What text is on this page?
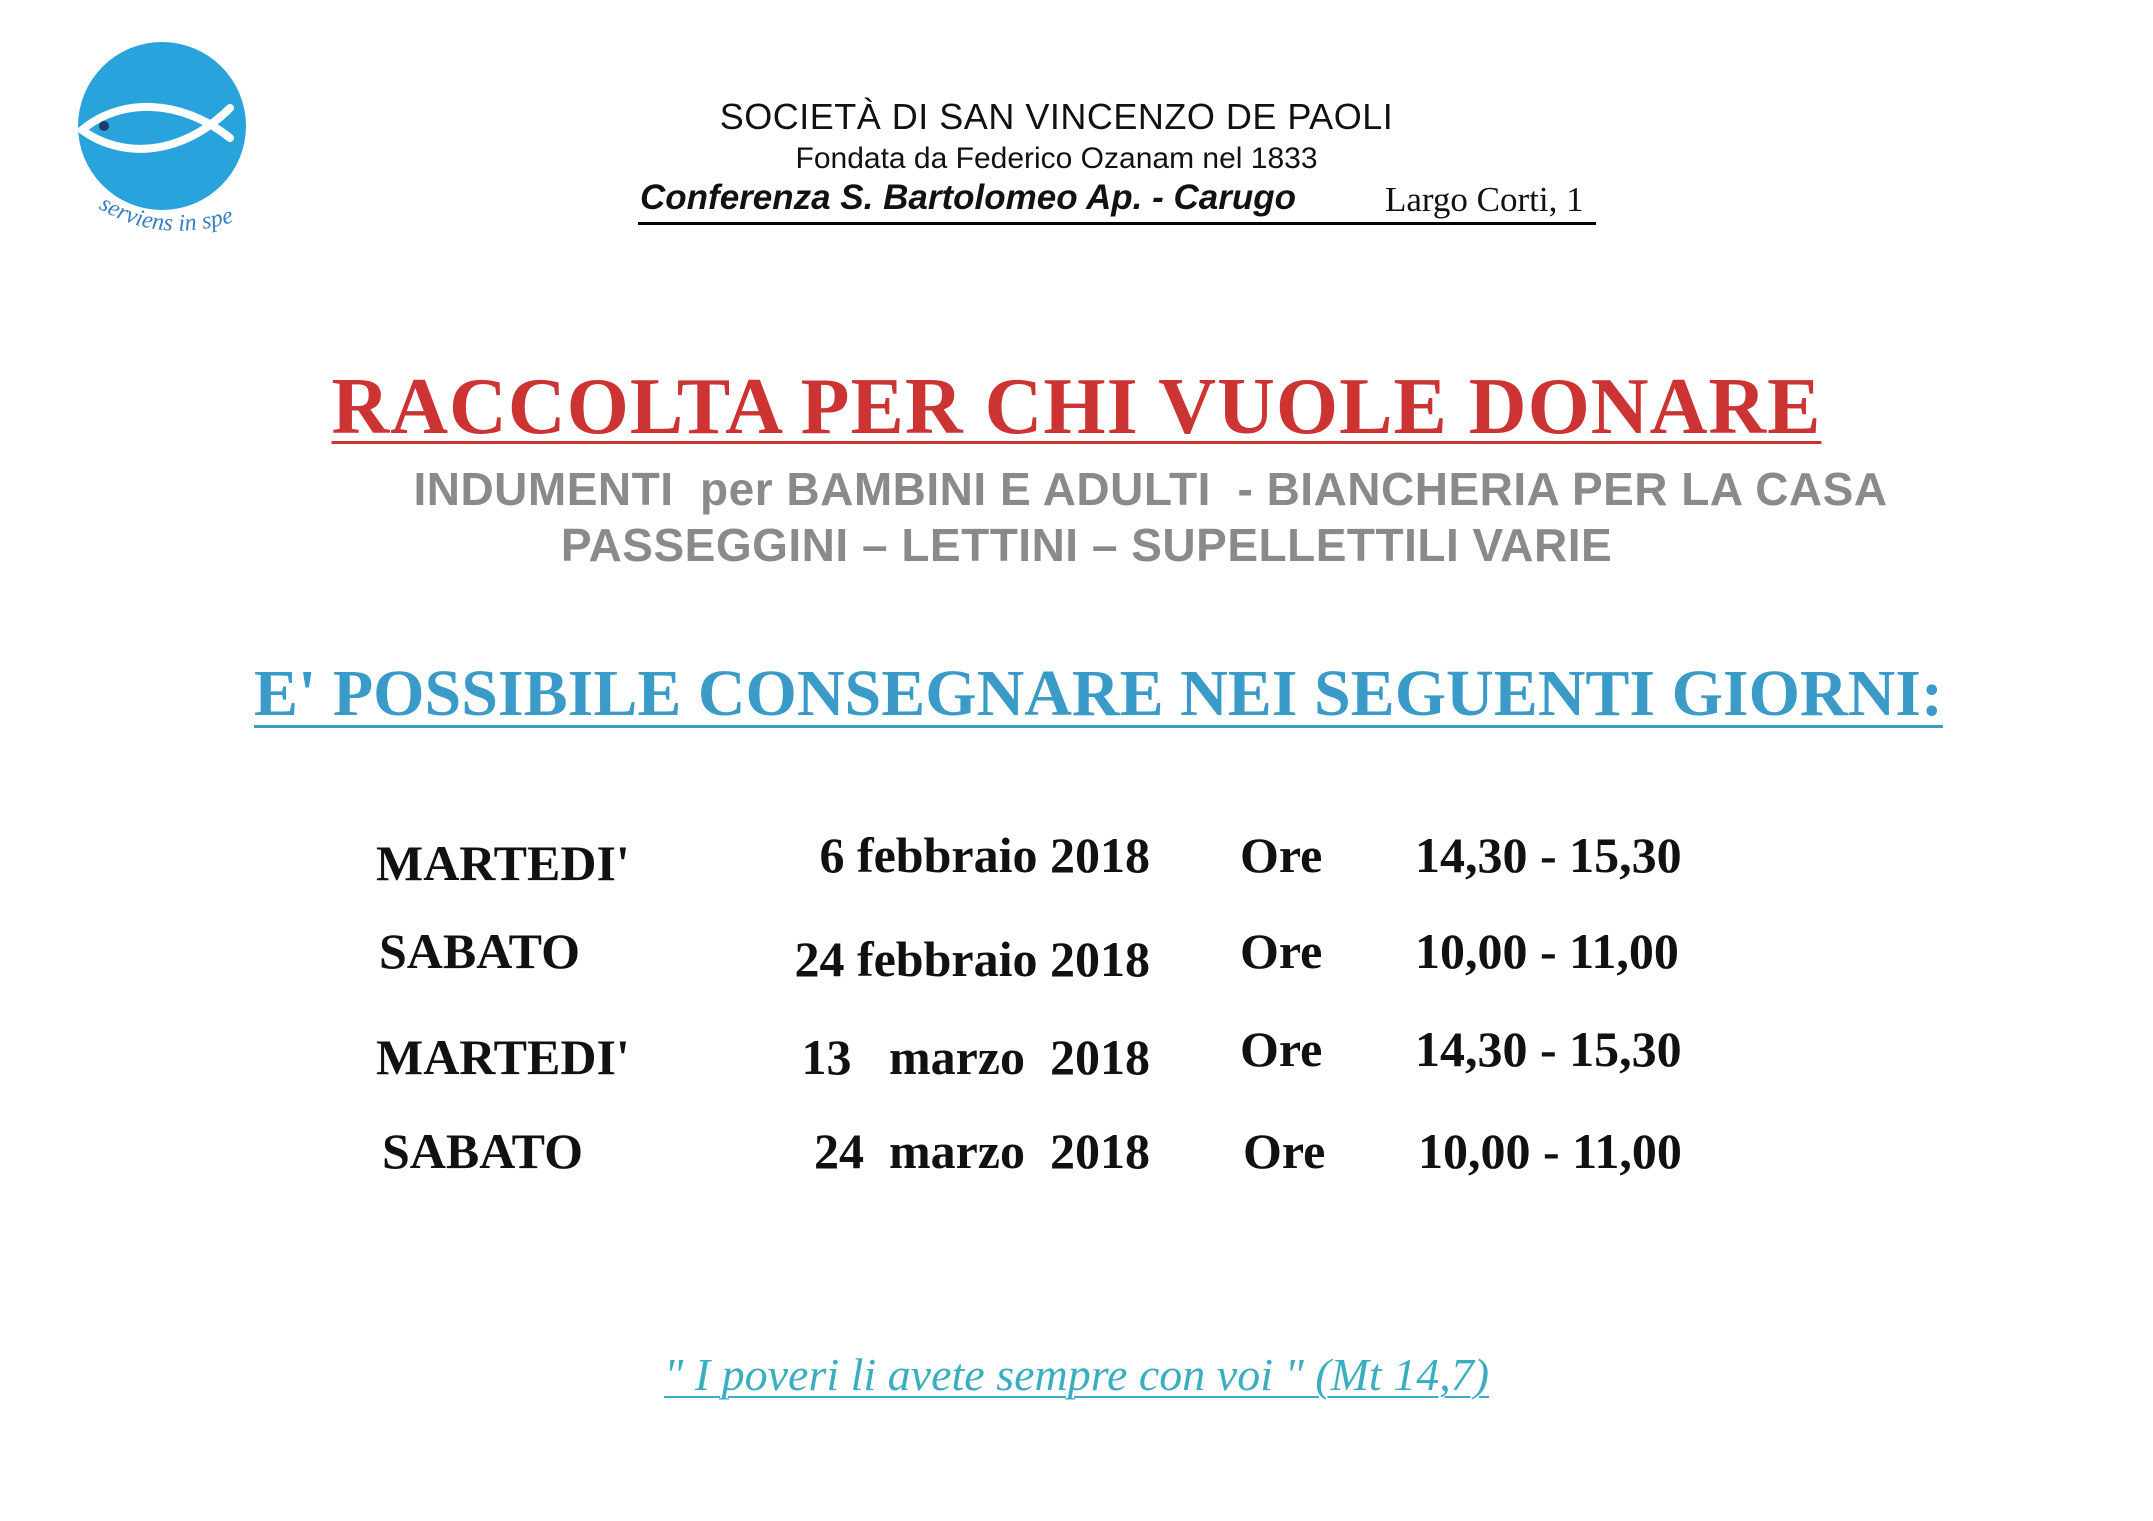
serviens in spe
SOCIETÀ DI SAN VINCENZO DE PAOLI
Fondata da Federico Ozanam nel 1833
Conferenza S. Bartolomeo Ap. - Carugo	Largo Corti, 1
RACCOLTA PER CHI VUOLE DONARE
INDUMENTI  per BAMBINI E ADULTI  - BIANCHERIA PER LA CASA
PASSEGGINI – LETTINI – SUPELLETTILI VARIE
E' POSSIBILE CONSEGNARE NEI SEGUENTI GIORNI:
MARTEDI'	6 febbraio 2018 Ore 14,30 - 15,30
SABATO	24 febbraio 2018 Ore 10,00 - 11,00
MARTEDI'	13   marzo  2018 Ore 14,30 - 15,30
SABATO	24  marzo  2018 Ore 10,00 - 11,00
" I poveri li avete sempre con voi " (Mt 14,7)
